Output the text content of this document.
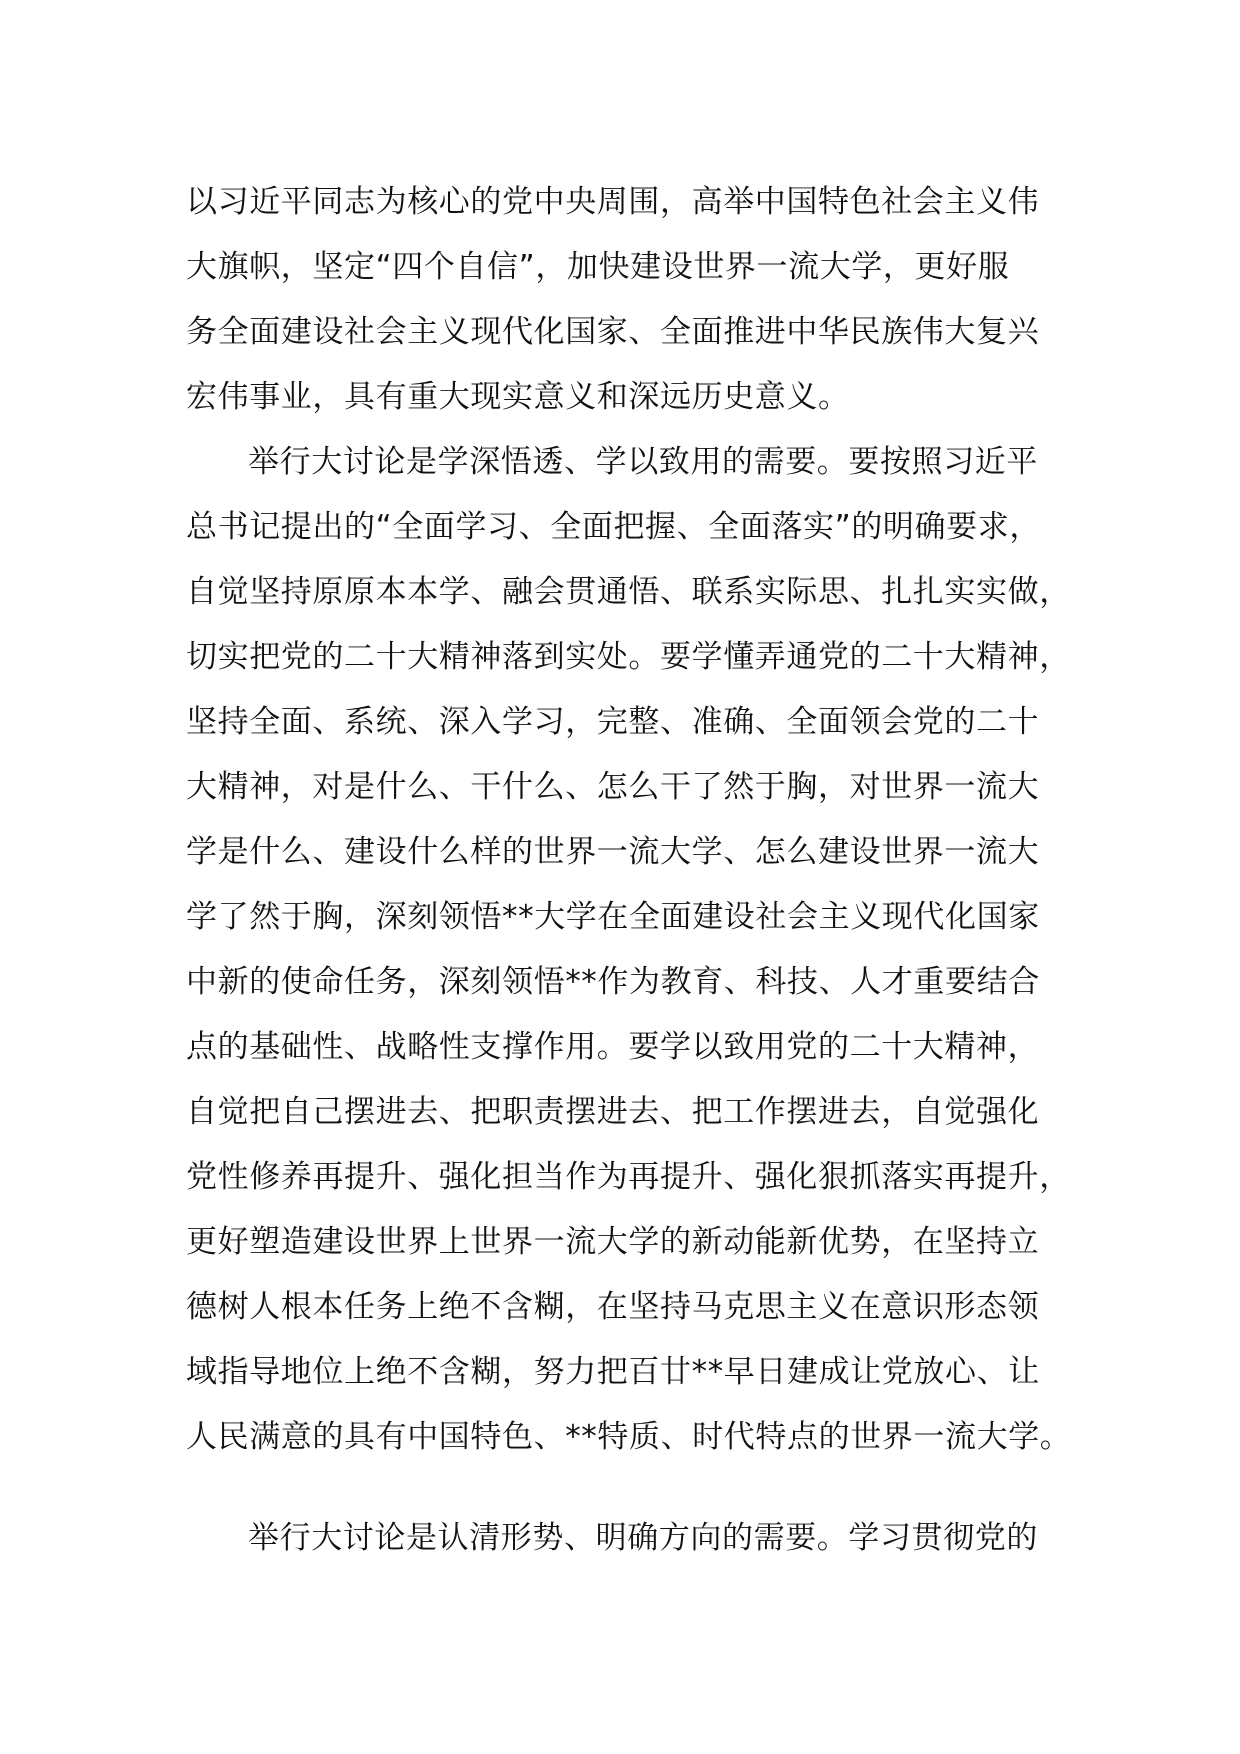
以习近平同志为核心的党中央周围，高举中国特色社会主义伟
大旗帜，坚定“四个自信”，加快建设世界一流大学，更好服
务全面建设社会主义现代化国家、全面推进中华民族伟大复兴
宏伟事业，具有重大现实意义和深远历史意义。

举行大讨论是学深悟透、学以致用的需要。要按照习近平
总书记提出的“全面学习、全面把握、全面落实”的明确要求，
自觉坚持原原本本学、融会贯通悟、联系实际思、扎扎实实做，
切实把党的二十大精神落到实处。要学懂弄通党的二十大精神，
坚持全面、系统、深入学习，完整、准确、全面领会党的二十
大精神，对是什么、干什么、怎么干了然于胸，对世界一流大
学是什么、建设什么样的世界一流大学、怎么建设世界一流大
学了然于胸，深刻领悟**大学在全面建设社会主义现代化国家
中新的使命任务，深刻领悟**作为教育、科技、人才重要结合
点的基础性、战略性支撑作用。要学以致用党的二十大精神，
自觉把自己摆进去、把职责摆进去、把工作摆进去，自觉强化
党性修养再提升、强化担当作为再提升、强化狠抓落实再提升，
更好塑造建设世界上世界一流大学的新动能新优势，在坚持立
德树人根本任务上绝不含糊，在坚持马克思主义在意识形态领
域指导地位上绝不含糊，努力把百廿**早日建成让党放心、让
人民满意的具有中国特色、**特质、时代特点的世界一流大学。

举行大讨论是认清形势、明确方向的需要。学习贯彻党的
